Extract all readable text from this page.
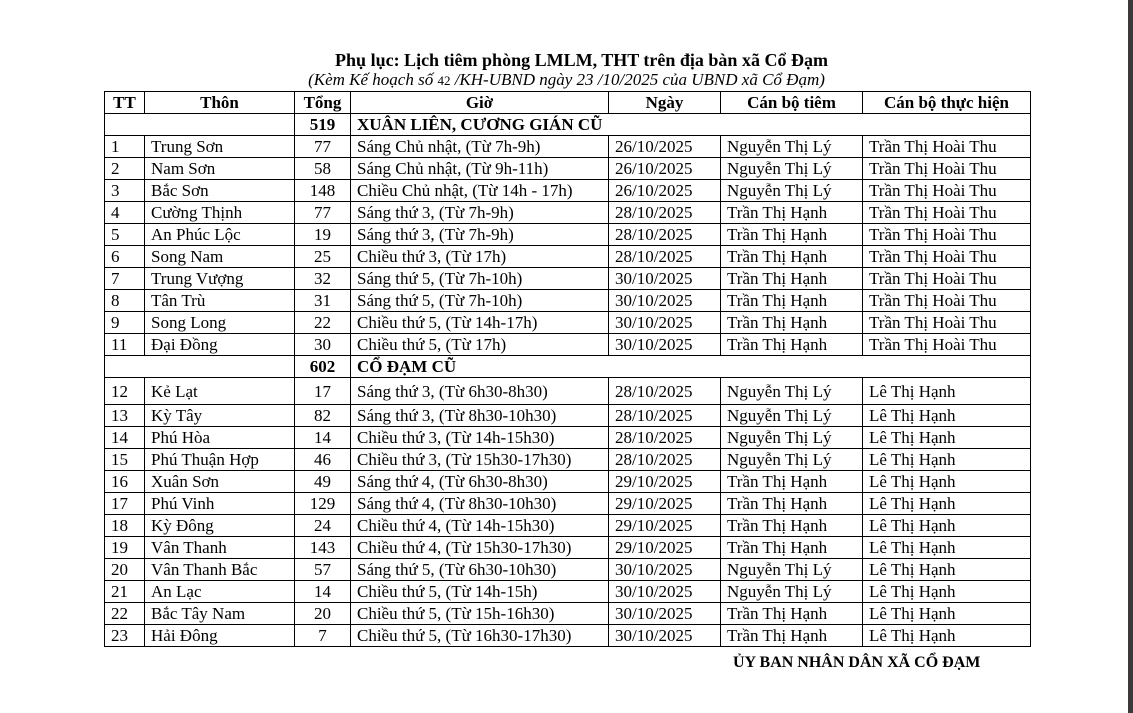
Phụ lục: Lịch tiêm phòng LMLM, THT trên địa bàn xã Cổ Đạm
(Kèm Kế hoạch số 42 /KH-UBND ngày 23 /10/2025 của UBND xã Cổ Đạm)
TT	Thôn	Tổng	Giờ	Ngày	Cán bộ tiêm	Cán bộ thực hiện
		519	XUÂN LIÊN, CƯƠNG GIÁN CŨ			
1	Trung Sơn	77	Sáng Chủ nhật, (Từ 7h-9h)	26/10/2025	Nguyễn Thị Lý	Trần Thị Hoài Thu
2	Nam Sơn	58	Sáng Chủ nhật, (Từ 9h-11h)	26/10/2025	Nguyễn Thị Lý	Trần Thị Hoài Thu
3	Bắc Sơn	148	Chiều Chủ nhật, (Từ 14h - 17h)	26/10/2025	Nguyễn Thị Lý	Trần Thị Hoài Thu
4	Cường Thịnh	77	Sáng thứ 3, (Từ 7h-9h)	28/10/2025	Trần Thị Hạnh	Trần Thị Hoài Thu
5	An Phúc Lộc	19	Sáng thứ 3, (Từ 7h-9h)	28/10/2025	Trần Thị Hạnh	Trần Thị Hoài Thu
6	Song Nam	25	Chiều thứ 3, (Từ 17h)	28/10/2025	Trần Thị Hạnh	Trần Thị Hoài Thu
7	Trung Vượng	32	Sáng thứ 5, (Từ 7h-10h)	30/10/2025	Trần Thị Hạnh	Trần Thị Hoài Thu
8	Tân Trù	31	Sáng thứ 5, (Từ 7h-10h)	30/10/2025	Trần Thị Hạnh	Trần Thị Hoài Thu
9	Song Long	22	Chiều thứ 5, (Từ 14h-17h)	30/10/2025	Trần Thị Hạnh	Trần Thị Hoài Thu
11	Đại Đồng	30	Chiều thứ 5, (Từ 17h)	30/10/2025	Trần Thị Hạnh	Trần Thị Hoài Thu
		602	CỔ ĐẠM CŨ			
12	Kẻ Lạt	17	Sáng thứ 3, (Từ 6h30-8h30)	28/10/2025	Nguyễn Thị Lý	Lê Thị Hạnh
13	Kỳ Tây	82	Sáng thứ 3, (Từ 8h30-10h30)	28/10/2025	Nguyễn Thị Lý	Lê Thị Hạnh
14	Phú Hòa	14	Chiều thứ 3, (Từ 14h-15h30)	28/10/2025	Nguyễn Thị Lý	Lê Thị Hạnh
15	Phú Thuận Hợp	46	Chiều thứ 3, (Từ 15h30-17h30)	28/10/2025	Nguyễn Thị Lý	Lê Thị Hạnh
16	Xuân Sơn	49	Sáng thứ 4, (Từ 6h30-8h30)	29/10/2025	Trần Thị Hạnh	Lê Thị Hạnh
17	Phú Vinh	129	Sáng thứ 4, (Từ 8h30-10h30)	29/10/2025	Trần Thị Hạnh	Lê Thị Hạnh
18	Kỳ Đông	24	Chiều thứ 4, (Từ 14h-15h30)	29/10/2025	Trần Thị Hạnh	Lê Thị Hạnh
19	Vân Thanh	143	Chiều thứ 4, (Từ 15h30-17h30)	29/10/2025	Trần Thị Hạnh	Lê Thị Hạnh
20	Vân Thanh Bắc	57	Sáng thứ 5, (Từ 6h30-10h30)	30/10/2025	Nguyễn Thị Lý	Lê Thị Hạnh
21	An Lạc	14	Chiều thứ 5, (Từ 14h-15h)	30/10/2025	Nguyễn Thị Lý	Lê Thị Hạnh
22	Bắc Tây Nam	20	Chiều thứ 5, (Từ 15h-16h30)	30/10/2025	Trần Thị Hạnh	Lê Thị Hạnh
23	Hải Đông	7	Chiều thứ 5, (Từ 16h30-17h30)	30/10/2025	Trần Thị Hạnh	Lê Thị Hạnh
ỦY BAN NHÂN DÂN XÃ CỔ ĐẠM
